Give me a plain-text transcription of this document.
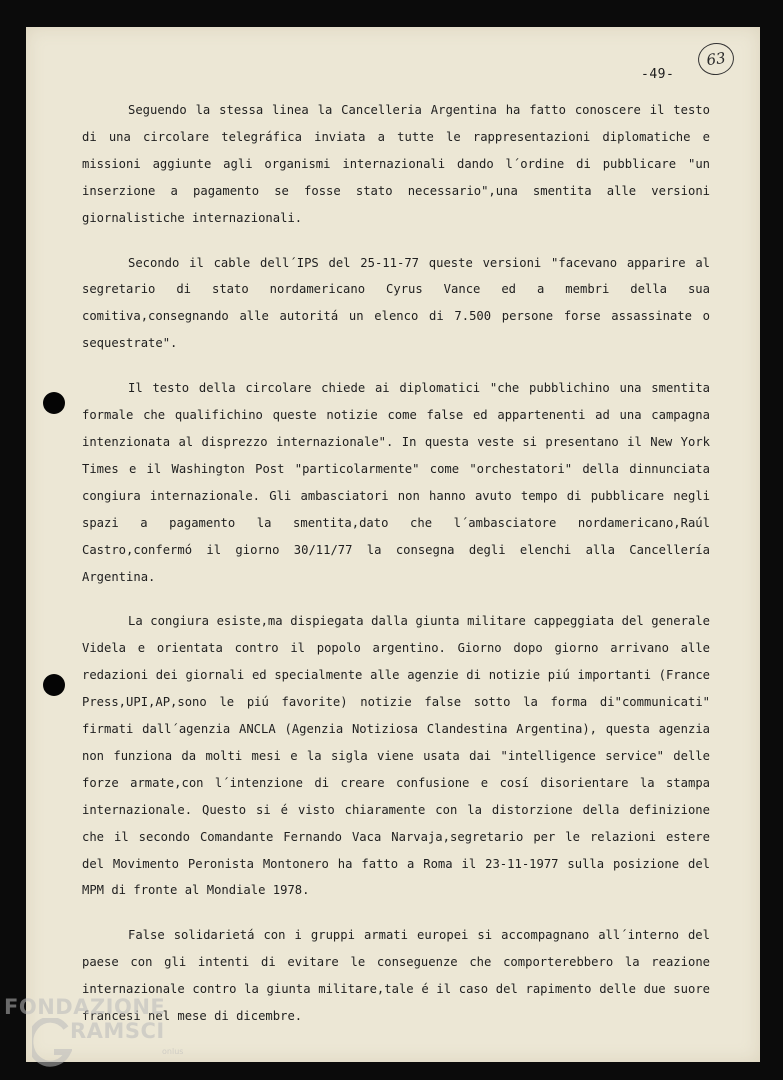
-49-
63

Seguendo la stessa linea la Cancelleria Argentina ha fatto conoscere il testo di una circolare telegráfica inviata a tutte le rappresentazioni diplomatiche e missioni aggiunte agli organismi internazionali dando l´ordine di pubblicare "un inserzione a pagamento se fosse stato necessario",una smentita alle versioni giornalistiche internazionali.

Secondo il cable dell´IPS del 25-11-77 queste versioni "facevano apparire al segretario di stato nordamericano Cyrus Vance ed a membri della sua comitiva,consegnando alle autoritá un elenco di 7.500 persone forse assassinate o sequestrate".

Il testo della circolare chiede ai diplomatici "che pubblichino una smentita formale che qualifichino queste notizie come false ed appartenenti ad una campagna intenzionata al disprezzo internazionale". In questa veste si presentano il New York Times e il Washington Post "particolarmente" come "orchestatori" della dinnunciata congiura internazionale. Gli ambasciatori non hanno avuto tempo di pubblicare negli spazi a pagamento la smentita,dato che l´ambasciatore nordamericano,Raúl Castro,confermó il giorno 30/11/77 la consegna degli elenchi alla Cancellería Argentina.

La congiura esiste,ma dispiegata dalla giunta militare cappeggiata del generale Videla e orientata contro il popolo argentino. Giorno dopo giorno arrivano alle redazioni dei giornali ed specialmente alle agenzie di notizie piú importanti (France Press,UPI,AP,sono le piú favorite) notizie false sotto la forma di"communicati" firmati dall´agenzia ANCLA (Agenzia Notiziosa Clandestina Argentina), questa agenzia non funziona da molti mesi e la sigla viene usata dai "intelligence service" delle forze armate,con l´intenzione di creare confusione e cosí disorientare la stampa internazionale. Questo si é visto chiaramente con la distorzione della definizione che il secondo Comandante Fernando Vaca Narvaja,segretario per le relazioni estere del Movimento Peronista Montonero ha fatto a Roma il 23-11-1977 sulla posizione del MPM di fronte al Mondiale 1978.

False solidarietá con i gruppi armati europei si accompagnano all´interno del paese con gli intenti di evitare le conseguenze che comporterebbero la reazione internazionale contro la giunta militare,tale é il caso del rapimento delle due suore francesi nel mese di dicembre.

FONDAZIONE
RAMSCI
onlus
